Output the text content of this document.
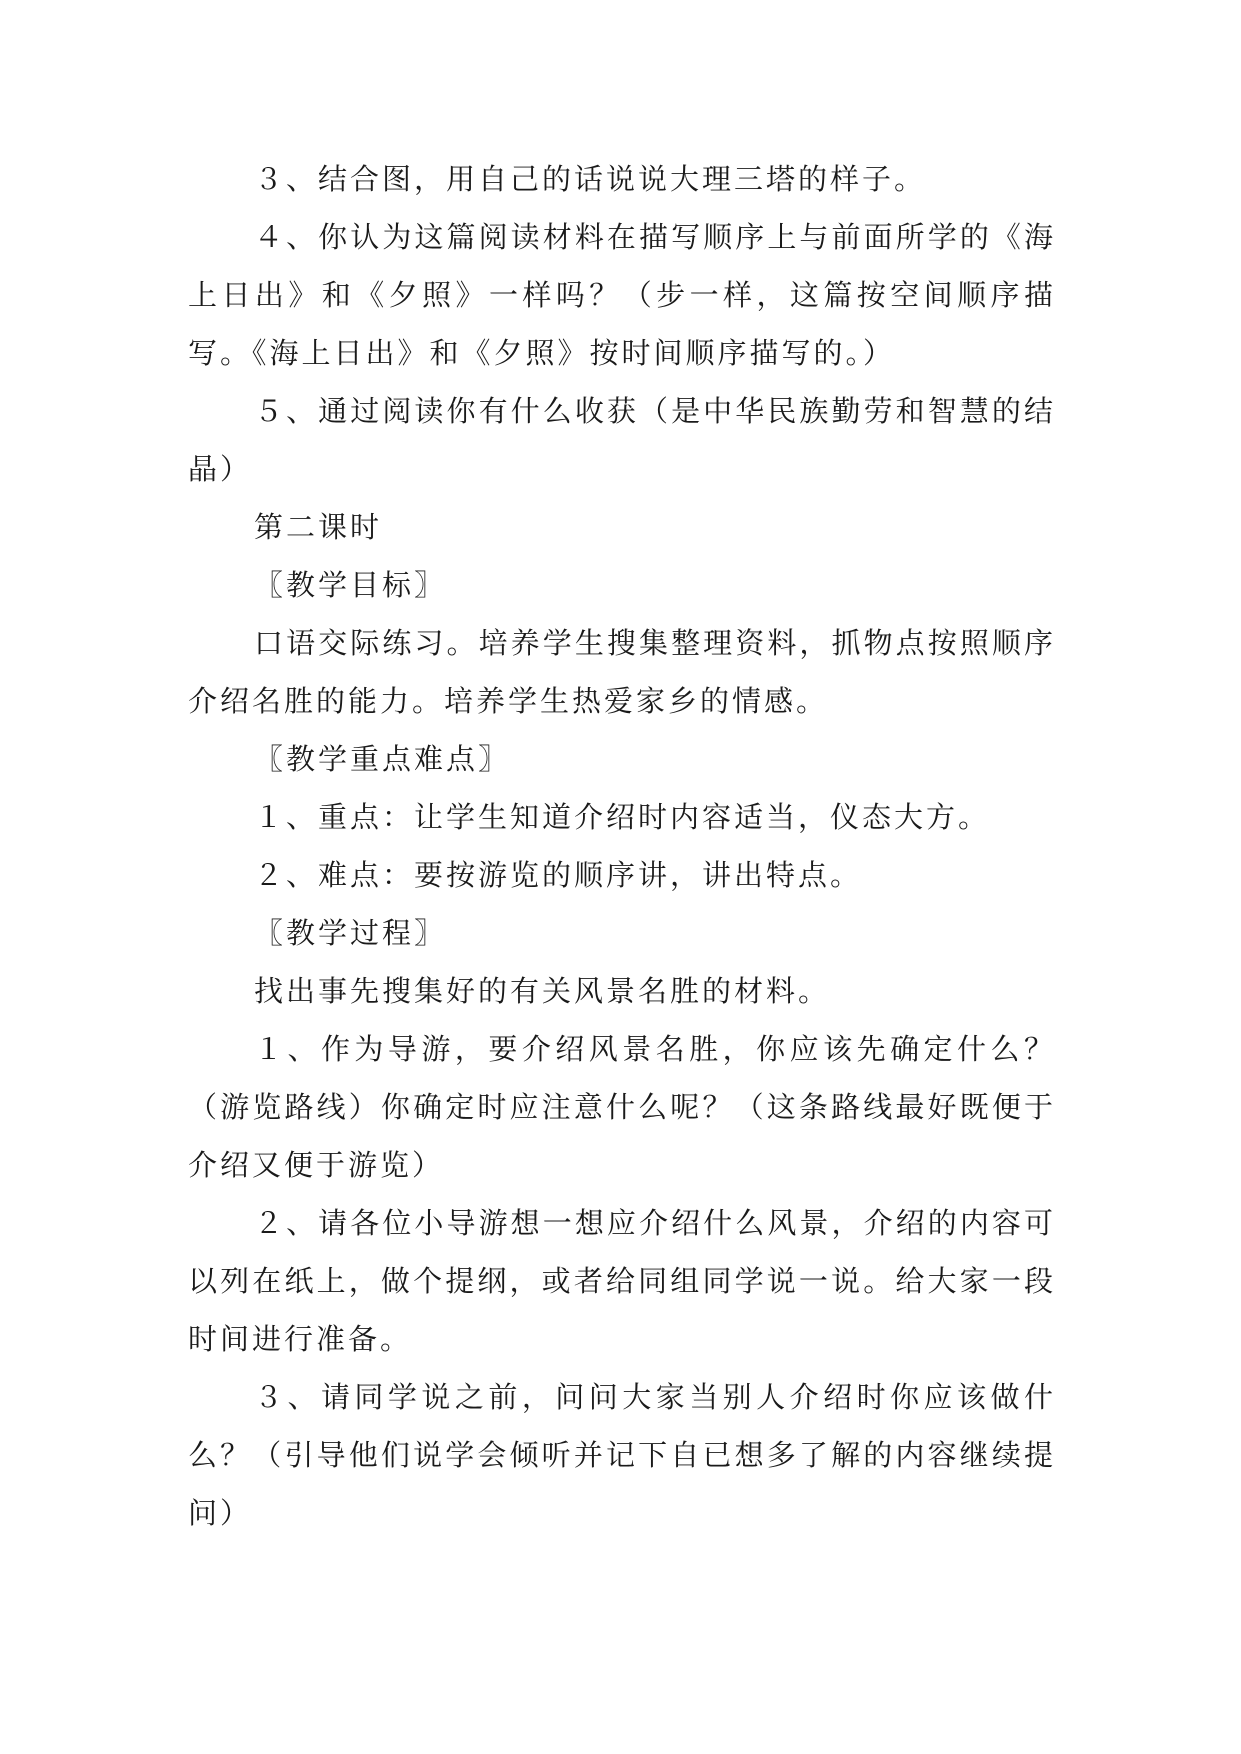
３、结合图，用自己的话说说大理三塔的样子。

４、你认为这篇阅读材料在描写顺序上与前面所学的《海上日出》和《夕照》一样吗？（步一样，这篇按空间顺序描写。《海上日出》和《夕照》按时间顺序描写的。）

５、通过阅读你有什么收获（是中华民族勤劳和智慧的结晶）

第二课时

〖教学目标〗

口语交际练习。培养学生搜集整理资料，抓物点按照顺序介绍名胜的能力。培养学生热爱家乡的情感。

〖教学重点难点〗

１、重点：让学生知道介绍时内容适当，仪态大方。

２、难点：要按游览的顺序讲，讲出特点。

〖教学过程〗

找出事先搜集好的有关风景名胜的材料。

１、作为导游，要介绍风景名胜，你应该先确定什么？（游览路线）你确定时应注意什么呢？（这条路线最好既便于介绍又便于游览）

２、请各位小导游想一想应介绍什么风景，介绍的内容可以列在纸上，做个提纲，或者给同组同学说一说。给大家一段时间进行准备。

３、请同学说之前，问问大家当别人介绍时你应该做什么？（引导他们说学会倾听并记下自已想多了解的内容继续提问）
